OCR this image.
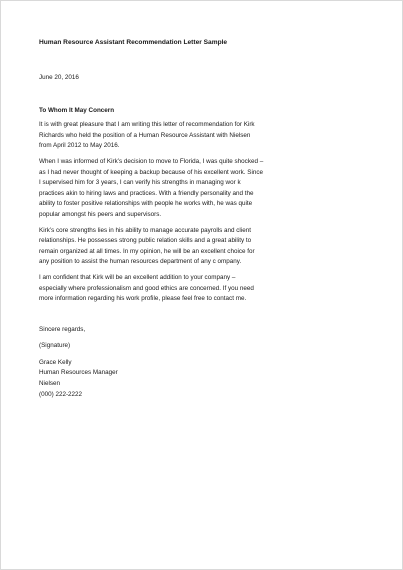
Human Resource Assistant Recommendation Letter Sample
June 20, 2016
To Whom It May Concern
It is with great pleasure that I am writing this letter of recommendation for Kirk
Richards who held the position of a Human Resource Assistant with Nielsen
from April 2012 to May 2016.
When I was informed of Kirk’s decision to move to Florida, I was quite shocked –
as I had never thought of keeping a backup because of his excellent work. Since
I supervised him for 3 years, I can verify his strengths in managing wor k
practices akin to hiring laws and practices. With a friendly personality and the
ability to foster positive relationships with people he works with, he was quite
popular amongst his peers and supervisors.
Kirk’s core strengths lies in his ability to manage accurate payrolls and client
relationships. He possesses strong public relation skills and a great ability to
remain organized at all times. In my opinion, he will be an excellent choice for
any position to assist the human resources department of any c ompany.
I am confident that Kirk will be an excellent addition to your company –
especially where professionalism and good ethics are concerned. If you need
more information regarding his work profile, please feel free to contact me.
Sincere regards,
(Signature)
Grace Kelly
Human Resources Manager
Nielsen
(000) 222-2222
